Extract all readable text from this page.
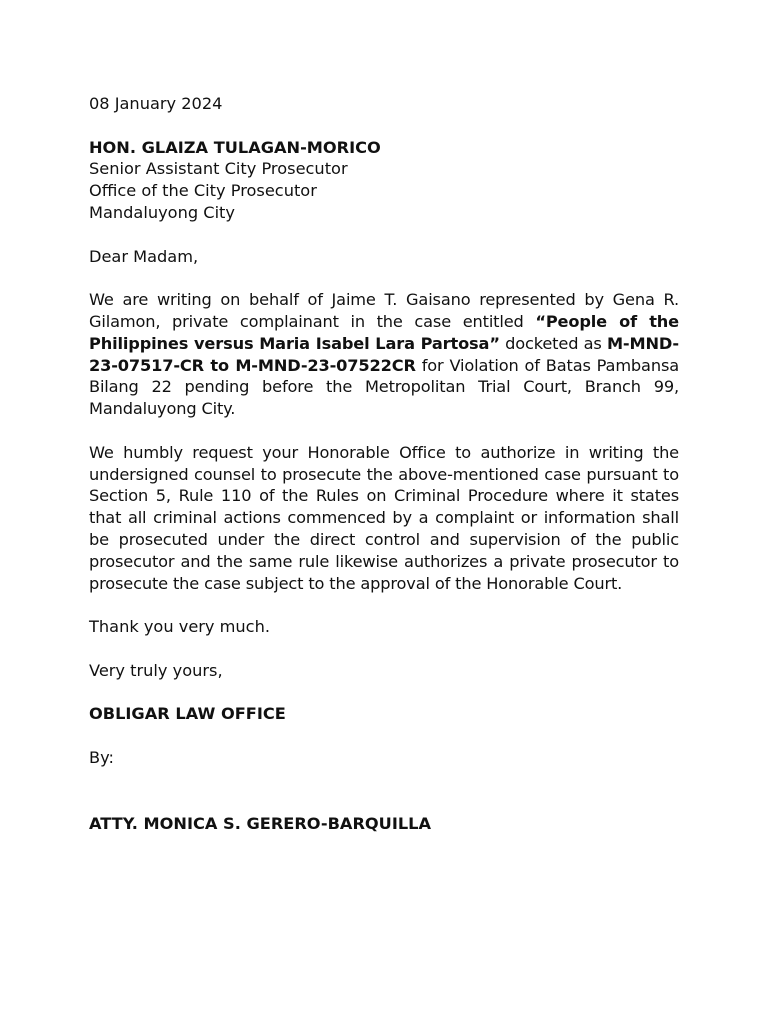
08 January 2024
HON. GLAIZA TULAGAN-MORICO
Senior Assistant City Prosecutor
Office of the City Prosecutor
Mandaluyong City
Dear Madam,
We are writing on behalf of Jaime T. Gaisano represented by Gena R. Gilamon, private complainant in the case entitled “People of the Philippines versus Maria Isabel Lara Partosa” docketed as M-MND-23-07517-CR to M-MND-23-07522CR for Violation of Batas Pambansa Bilang 22 pending before the Metropolitan Trial Court, Branch 99, Mandaluyong City.
We humbly request your Honorable Office to authorize in writing the undersigned counsel to prosecute the above-mentioned case pursuant to Section 5, Rule 110 of the Rules on Criminal Procedure where it states that all criminal actions commenced by a complaint or information shall be prosecuted under the direct control and supervision of the public prosecutor and the same rule likewise authorizes a private prosecutor to prosecute the case subject to the approval of the Honorable Court.
Thank you very much.
Very truly yours,
OBLIGAR LAW OFFICE
By:
ATTY. MONICA S. GERERO-BARQUILLA
